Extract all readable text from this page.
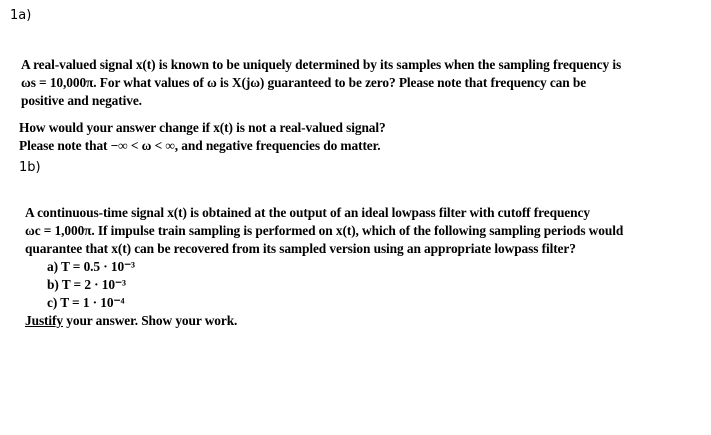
1a)
A real-valued signal x(t) is known to be uniquely determined by its samples when the sampling frequency is
ωs = 10,000π. For what values of ω is X(jω) guaranteed to be zero? Please note that frequency can be
positive and negative.
How would your answer change if x(t) is not a real-valued signal?
Please note that −∞ < ω < ∞, and negative frequencies do matter.
1b)
A continuous-time signal x(t) is obtained at the output of an ideal lowpass filter with cutoff frequency
ωc = 1,000π. If impulse train sampling is performed on x(t), which of the following sampling periods would
quarantee that x(t) can be recovered from its sampled version using an appropriate lowpass filter?
a) T = 0.5 · 10⁻³
b) T = 2 · 10⁻³
c) T = 1 · 10⁻⁴
Justify your answer. Show your work.
